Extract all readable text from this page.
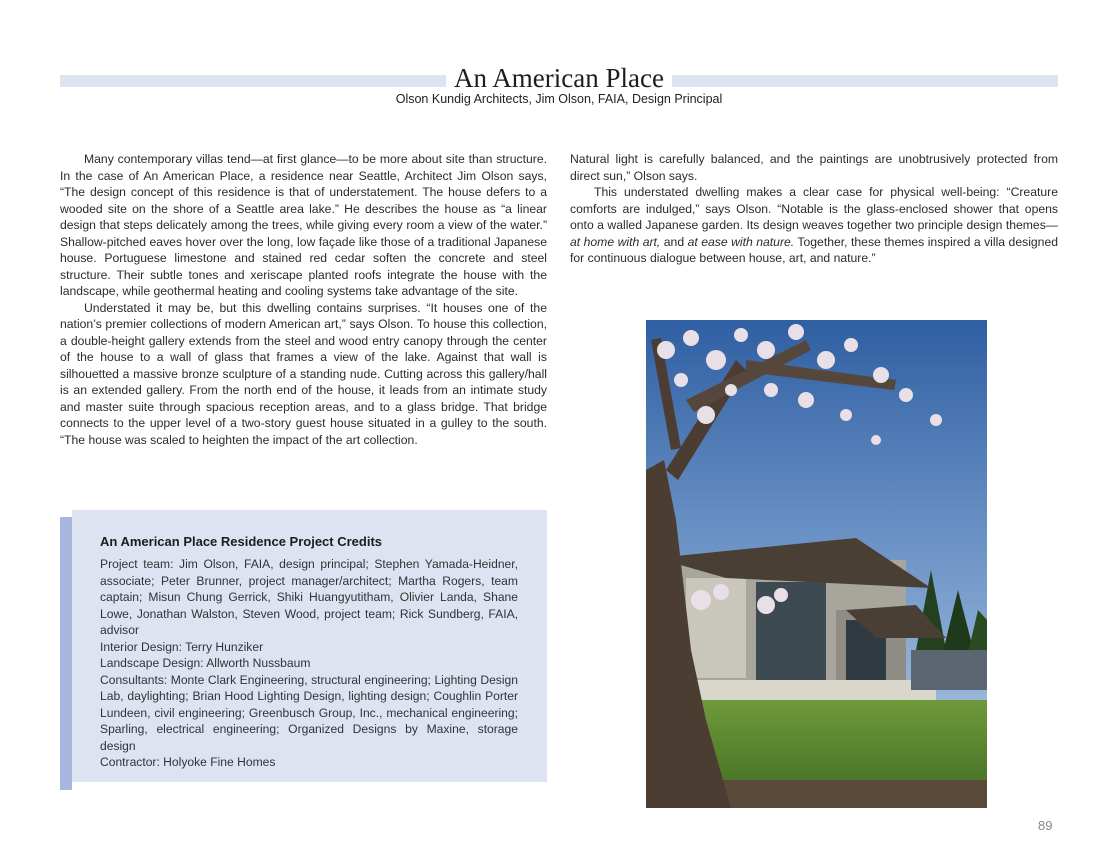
An American Place
Olson Kundig Architects, Jim Olson, FAIA, Design Principal

Many contemporary villas tend—at first glance—to be more about site than structure. In the case of An American Place, a residence near Seattle, Architect Jim Olson says, “The design concept of this residence is that of understatement. The house defers to a wooded site on the shore of a Seattle area lake.” He describes the house as “a linear design that steps delicately among the trees, while giving every room a view of the water.” Shallow-pitched eaves hover over the long, low façade like those of a traditional Japanese house. Portuguese limestone and stained red cedar soften the concrete and steel structure. Their subtle tones and xeriscape planted roofs integrate the house with the landscape, while geothermal heating and cooling systems take advantage of the site.

Understated it may be, but this dwelling contains surprises. “It houses one of the nation’s premier collections of modern American art,” says Olson. To house this collection, a double-height gallery extends from the steel and wood entry canopy through the center of the house to a wall of glass that frames a view of the lake. Against that wall is silhouetted a massive bronze sculpture of a standing nude. Cutting across this gallery/hall is an extended gallery. From the north end of the house, it leads from an intimate study and master suite through spacious reception areas, and to a glass bridge. That bridge connects to the upper level of a two-story guest house situated in a gulley to the south. “The house was scaled to heighten the impact of the art collection.

Natural light is carefully balanced, and the paintings are unobtrusively protected from direct sun,” Olson says.

This understated dwelling makes a clear case for physical well-being: “Creature comforts are indulged,” says Olson. “Notable is the glass-enclosed shower that opens onto a walled Japanese garden. Its design weaves together two principle design themes—at home with art, and at ease with nature. Together, these themes inspired a villa designed for continuous dialogue between house, art, and nature.”

An American Place Residence Project Credits
Project team: Jim Olson, FAIA, design principal; Stephen Yamada-Heidner, associate; Peter Brunner, project manager/architect; Martha Rogers, team captain; Misun Chung Gerrick, Shiki Huangyutitham, Olivier Landa, Shane Lowe, Jonathan Walston, Steven Wood, project team; Rick Sundberg, FAIA, advisor
Interior Design: Terry Hunziker
Landscape Design: Allworth Nussbaum
Consultants: Monte Clark Engineering, structural engineering; Lighting Design Lab, daylighting; Brian Hood Lighting Design, lighting design; Coughlin Porter Lundeen, civil engineering; Greenbusch Group, Inc., mechanical engineering; Sparling, electrical engineering; Organized Designs by Maxine, storage design
Contractor: Holyoke Fine Homes
89
